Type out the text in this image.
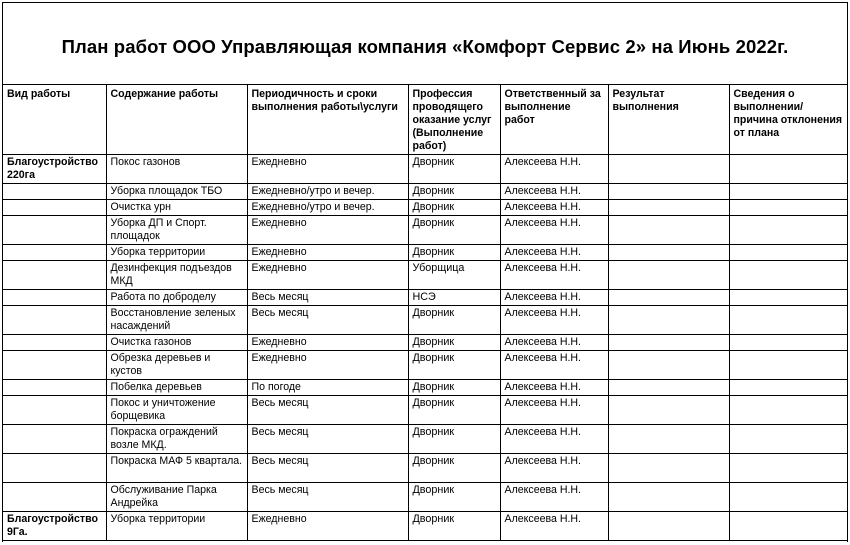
План работ ООО Управляющая компания «Комфорт Сервис 2» на Июнь 2022г.
Вид работы	Содержание работы	Периодичность и сроки выполнения работы\услуги	Профессия проводящего оказание услуг (Выполнение работ)	Ответственный за выполнение работ	Результат выполнения	Сведения о выполнении/ причина отклонения от плана
Благоустройство 220га	Покос газонов	Ежедневно	Дворник	Алексеева Н.Н.		
	Уборка площадок ТБО	Ежедневно/утро и вечер.	Дворник	Алексеева Н.Н.		
	Очистка урн	Ежедневно/утро и вечер.	Дворник	Алексеева Н.Н.		
	Уборка ДП и Спорт. площадок	Ежедневно	Дворник	Алексеева Н.Н.		
	Уборка территории	Ежедневно	Дворник	Алексеева Н.Н.		
	Дезинфекция подъездов МКД	Ежедневно	Уборщица	Алексеева Н.Н.		
	Работа по доброделу	Весь месяц	НСЭ	Алексеева Н.Н.		
	Восстановление зеленых насаждений	Весь месяц	Дворник	Алексеева Н.Н.		
	Очистка газонов	Ежедневно	Дворник	Алексеева Н.Н.		
	Обрезка деревьев и кустов	Ежедневно	Дворник	Алексеева Н.Н.		
	Побелка деревьев	По погоде	Дворник	Алексеева Н.Н.		
	Покос и уничтожение борщевика	Весь месяц	Дворник	Алексеева Н.Н.		
	Покраска ограждений возле МКД.	Весь месяц	Дворник	Алексеева Н.Н.		
	Покраска МАФ 5 квартала.	Весь месяц	Дворник	Алексеева Н.Н.		
	Обслуживание Парка Андрейка	Весь месяц	Дворник	Алексеева Н.Н.		
Благоустройство 9Га.	Уборка территории	Ежедневно	Дворник	Алексеева Н.Н.		
